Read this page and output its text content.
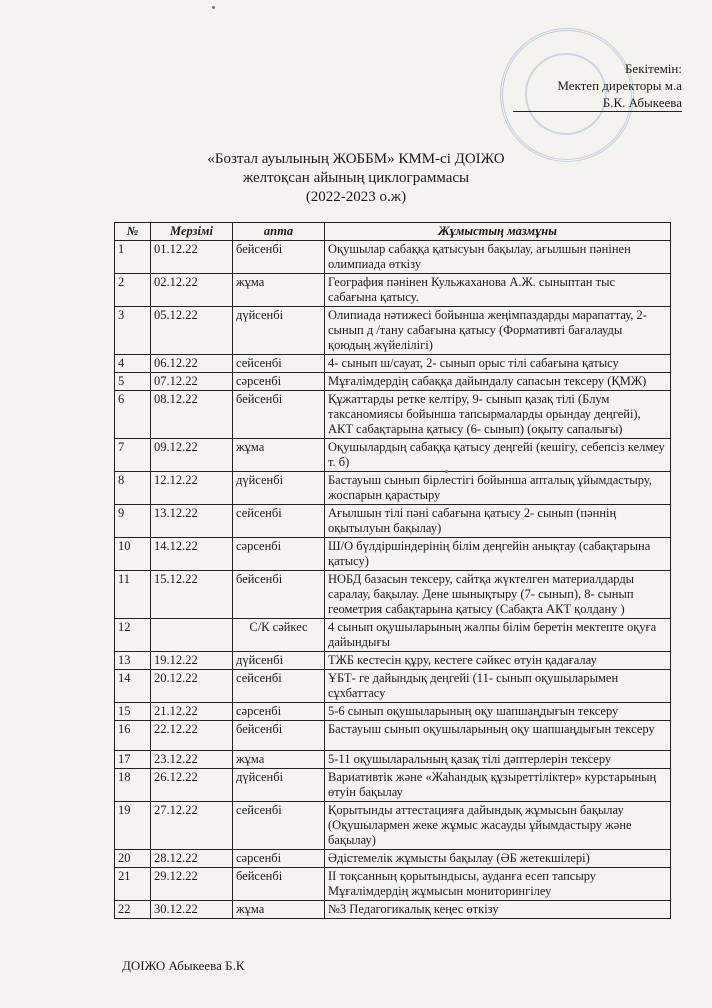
Бекітемін:
Мектеп директоры м.а
Б.К. Абыкеева
«Бозтал ауылының ЖОББМ» КММ-сі ДОІЖО
желтоқсан айының циклограммасы
(2022-2023 о.ж)
№	Мерзімі	апта	Жұмыстың мазмұны
1	01.12.22	бейсенбі	Оқушылар сабаққа қатысуын бақылау, ағылшын пәнінен олимпиада өткізу
2	02.12.22	жұма	География пәнінен Кульжаханова А.Ж. сыныптан тыс сабағына қатысу.
3	05.12.22	дүйсенбі	Олипиада нәтижесі бойынша жеңімпаздарды марапаттау, 2- сынып д /тану сабағына қатысу (Формативті бағалауды қоюдың жүйелілігі)
4	06.12.22	сейсенбі	4- сынып ш/сауат, 2- сынып орыс тілі сабағына қатысу
5	07.12.22	сәрсенбі	Мұғалімдердің сабаққа дайындалу сапасын тексеру (ҚМЖ)
6	08.12.22	бейсенбі	Құжаттарды ретке келтіру, 9- сынып қазақ тілі (Блум таксаномиясы бойынша тапсырмаларды орындау деңгейі), АКТ сабақтарына қатысу (6- сынып) (оқыту сапалығы)
7	09.12.22	жұма	Оқушылардың сабаққа қатысу деңгейі (кешігу, себепсіз келмеу т. б)
8	12.12.22	дүйсенбі	Бастауыш сынып бірлестігі бойынша апталық ұйымдастыру, жоспарын қарастыру
9	13.12.22	сейсенбі	Ағылшын тілі пәні сабағына қатысу 2- сынып (пәннің оқытылуын бақылау)
10	14.12.22	сәрсенбі	Ш/О бүлдіршіндерінің білім деңгейін анықтау (сабақтарына қатысу)
11	15.12.22	бейсенбі	НОБД базасын тексеру, сайтқа жүктелген материалдарды саралау, бақылау. Дене шынықтыру (7- сынып), 8- сынып геометрия сабақтарына қатысу (Сабақта АКТ қолдану )
12		С/К сәйкес	4 сынып оқушыларының жалпы білім беретін мектепте оқуға дайындығы
13	19.12.22	дүйсенбі	ТЖБ кестесін құру, кестеге сәйкес өтуін қадағалау
14	20.12.22	сейсенбі	ҰБТ- ге дайындық деңгейі (11- сынып оқушыларымен сұхбаттасу
15	21.12.22	сәрсенбі	5-6 сынып оқушыларының оқу шапшаңдығын тексеру
16	22.12.22	бейсенбі	Бастауыш сынып оқушыларының оқу шапшаңдығын тексеру
17	23.12.22	жұма	5-11 оқушыларальның қазақ тілі дәптерлерін тексеру
18	26.12.22	дүйсенбі	Вариативтік және «Жаһандық құзыреттіліктер» курстарының өтуін бақылау
19	27.12.22	сейсенбі	Қорытынды аттестацияға дайындық жұмысын бақылау (Оқушылармен жеке жұмыс жасауды ұйымдастыру және бақылау)
20	28.12.22	сәрсенбі	Әдістемелік жұмысты бақылау (ӘБ жетекшілері)
21	29.12.22	бейсенбі	ІІ тоқсанның қорытындысы, ауданға есеп тапсыру Мұғалімдердің жұмысын мониторингілеу
22	30.12.22	жұма	№3 Педагогикалық кеңес өткізу
ДОІЖО Абыкеева Б.К
